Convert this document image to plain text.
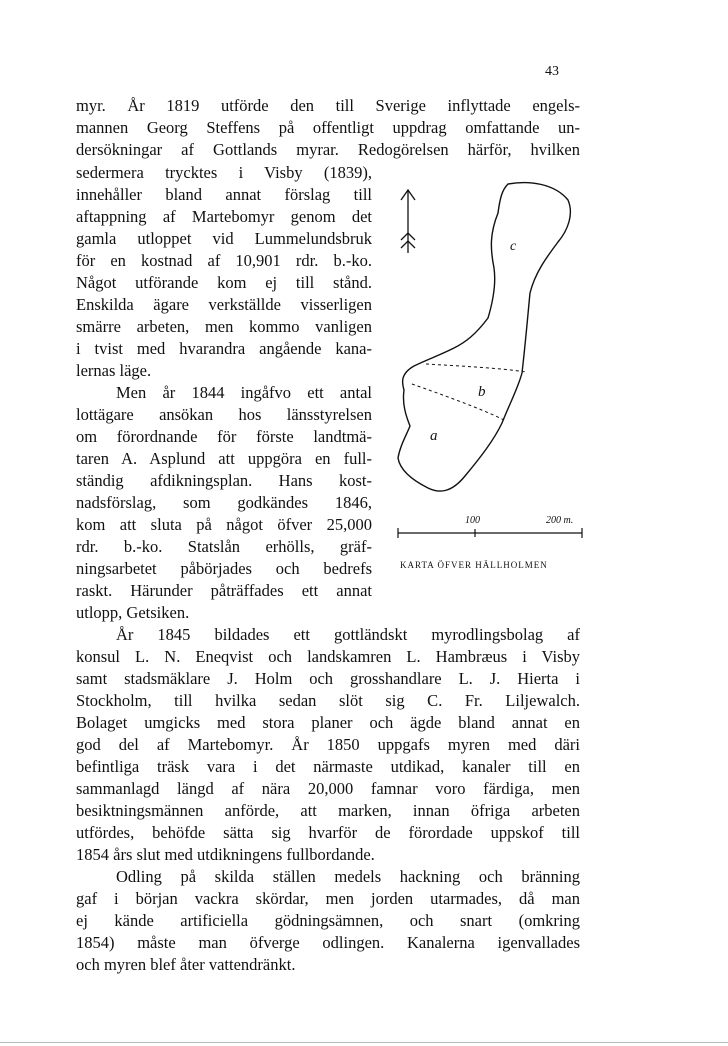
43
myr. År 1819 utförde den till Sverige inflyttade engels-
mannen Georg Steffens på offentligt uppdrag omfattande un-
dersökningar af Gottlands myrar. Redogörelsen härför, hvilken
sedermera trycktes i Visby (1839),
innehåller bland annat förslag till
aftappning af Martebomyr genom det
gamla utloppet vid Lummelundsbruk
för en kostnad af 10,901 rdr. b.-ko.
Något utförande kom ej till stånd.
Enskilda ägare verkställde visserligen
smärre arbeten, men kommo vanligen
i tvist med hvarandra angående kana-
lernas läge.
Men år 1844 ingåfvo ett antal
lottägare ansökan hos länsstyrelsen
om förordnande för förste landtmä-
taren A. Asplund att uppgöra en full-
ständig afdikningsplan. Hans kost-
nadsförslag, som godkändes 1846,
kom att sluta på något öfver 25,000
rdr. b.-ko. Statslån erhölls, gräf-
ningsarbetet påbörjades och bedrefs
raskt. Härunder påträffades ett annat
utlopp, Getsiken.
År 1845 bildades ett gottländskt myrodlingsbolag af
konsul L. N. Eneqvist och landskamren L. Hambræus i Visby
samt stadsmäklare J. Holm och grosshandlare L. J. Hierta i
Stockholm, till hvilka sedan slöt sig C. Fr. Liljewalch.
Bolaget umgicks med stora planer och ägde bland annat en
god del af Martebomyr. År 1850 uppgafs myren med däri
befintliga träsk vara i det närmaste utdikad, kanaler till en
sammanlagd längd af nära 20,000 famnar voro färdiga, men
besiktningsmännen anförde, att marken, innan öfriga arbeten
utfördes, behöfde sätta sig hvarför de förordade uppskof till
1854 års slut med utdikningens fullbordande.
Odling på skilda ställen medels hackning och bränning
gaf i början vackra skördar, men jorden utarmades, då man
ej kände artificiella gödningsämnen, och snart (omkring
1854) måste man öfverge odlingen. Kanalerna igenvallades
och myren blef åter vattendränkt.
c
b
a
100	200 m.
KARTA ÖFVER HÄLLHOLMEN
